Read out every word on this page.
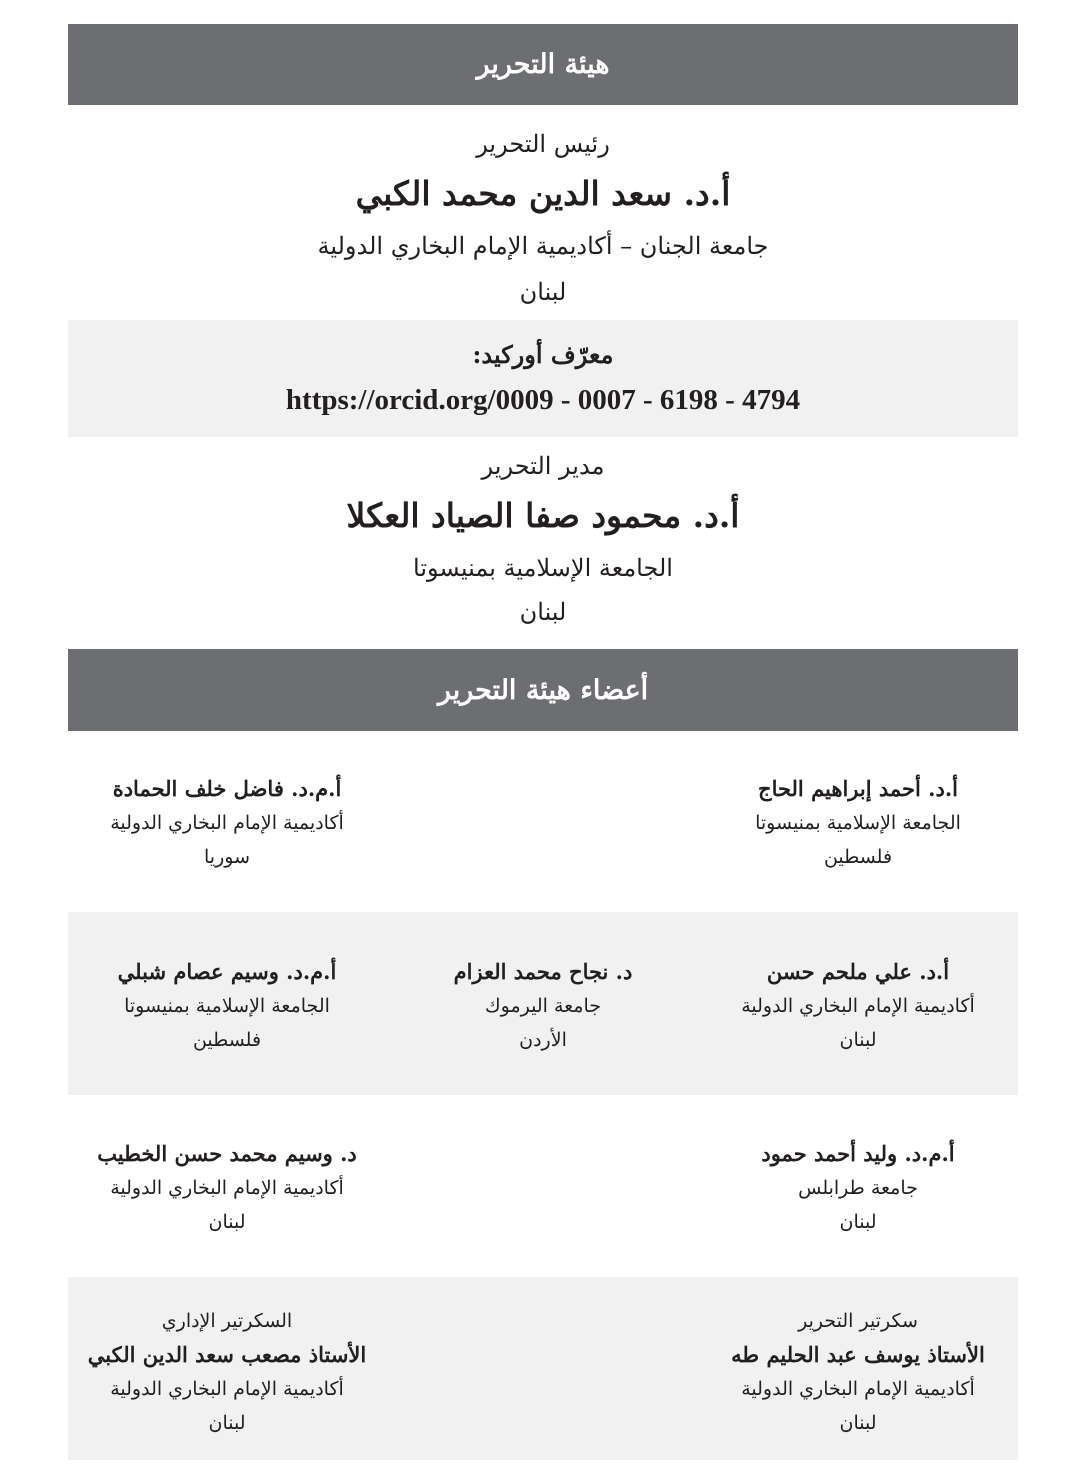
هيئة التحرير
رئيس التحرير
أ.د. سعد الدين محمد الكبي
جامعة الجنان – أكاديمية الإمام البخاري الدولية
لبنان
معرّف أوركيد:
https://orcid.org/0009 - 0007 - 6198 - 4794
مدير التحرير
أ.د. محمود صفا الصياد العكلا
الجامعة الإسلامية بمنيسوتا
لبنان
أعضاء هيئة التحرير
أ.د. أحمد إبراهيم الحاج
الجامعة الإسلامية بمنيسوتا
فلسطين
أ.م.د. فاضل خلف الحمادة
أكاديمية الإمام البخاري الدولية
سوريا
أ.د. علي ملحم حسن
أكاديمية الإمام البخاري الدولية
لبنان
د. نجاح محمد العزام
جامعة اليرموك
الأردن
أ.م.د. وسيم عصام شبلي
الجامعة الإسلامية بمنيسوتا
فلسطين
أ.م.د. وليد أحمد حمود
جامعة طرابلس
لبنان
د. وسيم محمد حسن الخطيب
أكاديمية الإمام البخاري الدولية
لبنان
سكرتير التحرير
الأستاذ يوسف عبد الحليم طه
أكاديمية الإمام البخاري الدولية
لبنان
السكرتير الإداري
الأستاذ مصعب سعد الدين الكبي
أكاديمية الإمام البخاري الدولية
لبنان
